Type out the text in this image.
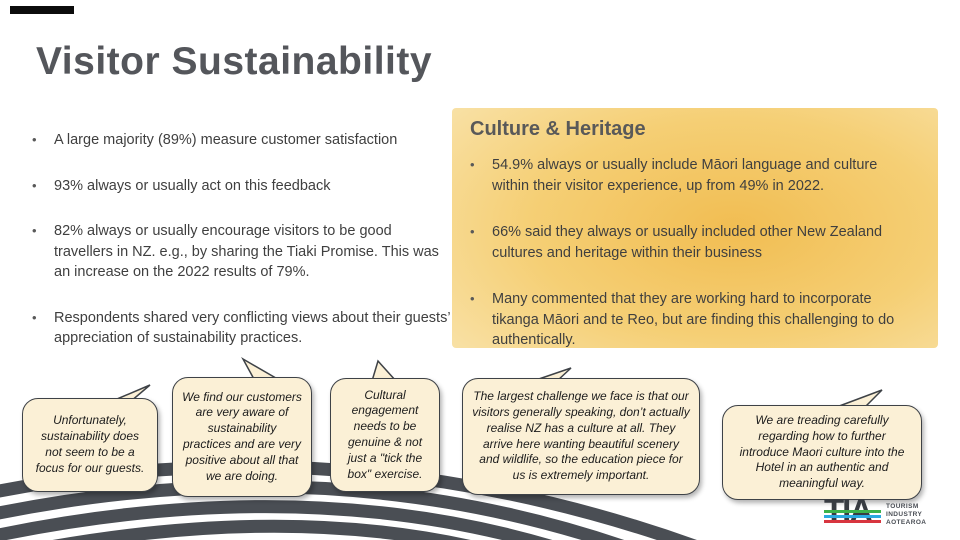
Visitor Sustainability
•	A large majority (89%) measure customer satisfaction
•	93% always or usually act on this feedback
•	82% always or usually encourage visitors to be good travellers in NZ. e.g., by sharing the Tiaki Promise. This was an increase on the 2022 results of 79%.
•	Respondents shared very conflicting views about their guests’ appreciation of sustainability practices.
Culture & Heritage
•	54.9% always or usually include Māori language and culture within their visitor experience, up from 49% in 2022.
•	66% said they always or usually included other New Zealand cultures and heritage within their business
•	Many commented that they are working hard to incorporate tikanga Māori and te Reo, but are finding this challenging to do authentically.
Unfortunately, sustainability does not seem to be a focus for our guests.
We find our customers are very aware of sustainability practices and are very positive about all that we are doing.
Cultural engagement needs to be genuine & not just a "tick the box" exercise.
The largest challenge we face is that our visitors generally speaking, don’t actually realise NZ has a culture at all. They arrive here wanting beautiful scenery and wildlife, so the education piece for us is extremely important.
We are treading carefully regarding how to further introduce Maori culture into the Hotel in an authentic and meaningful way.
TOURISM
INDUSTRY
AOTEAROA
